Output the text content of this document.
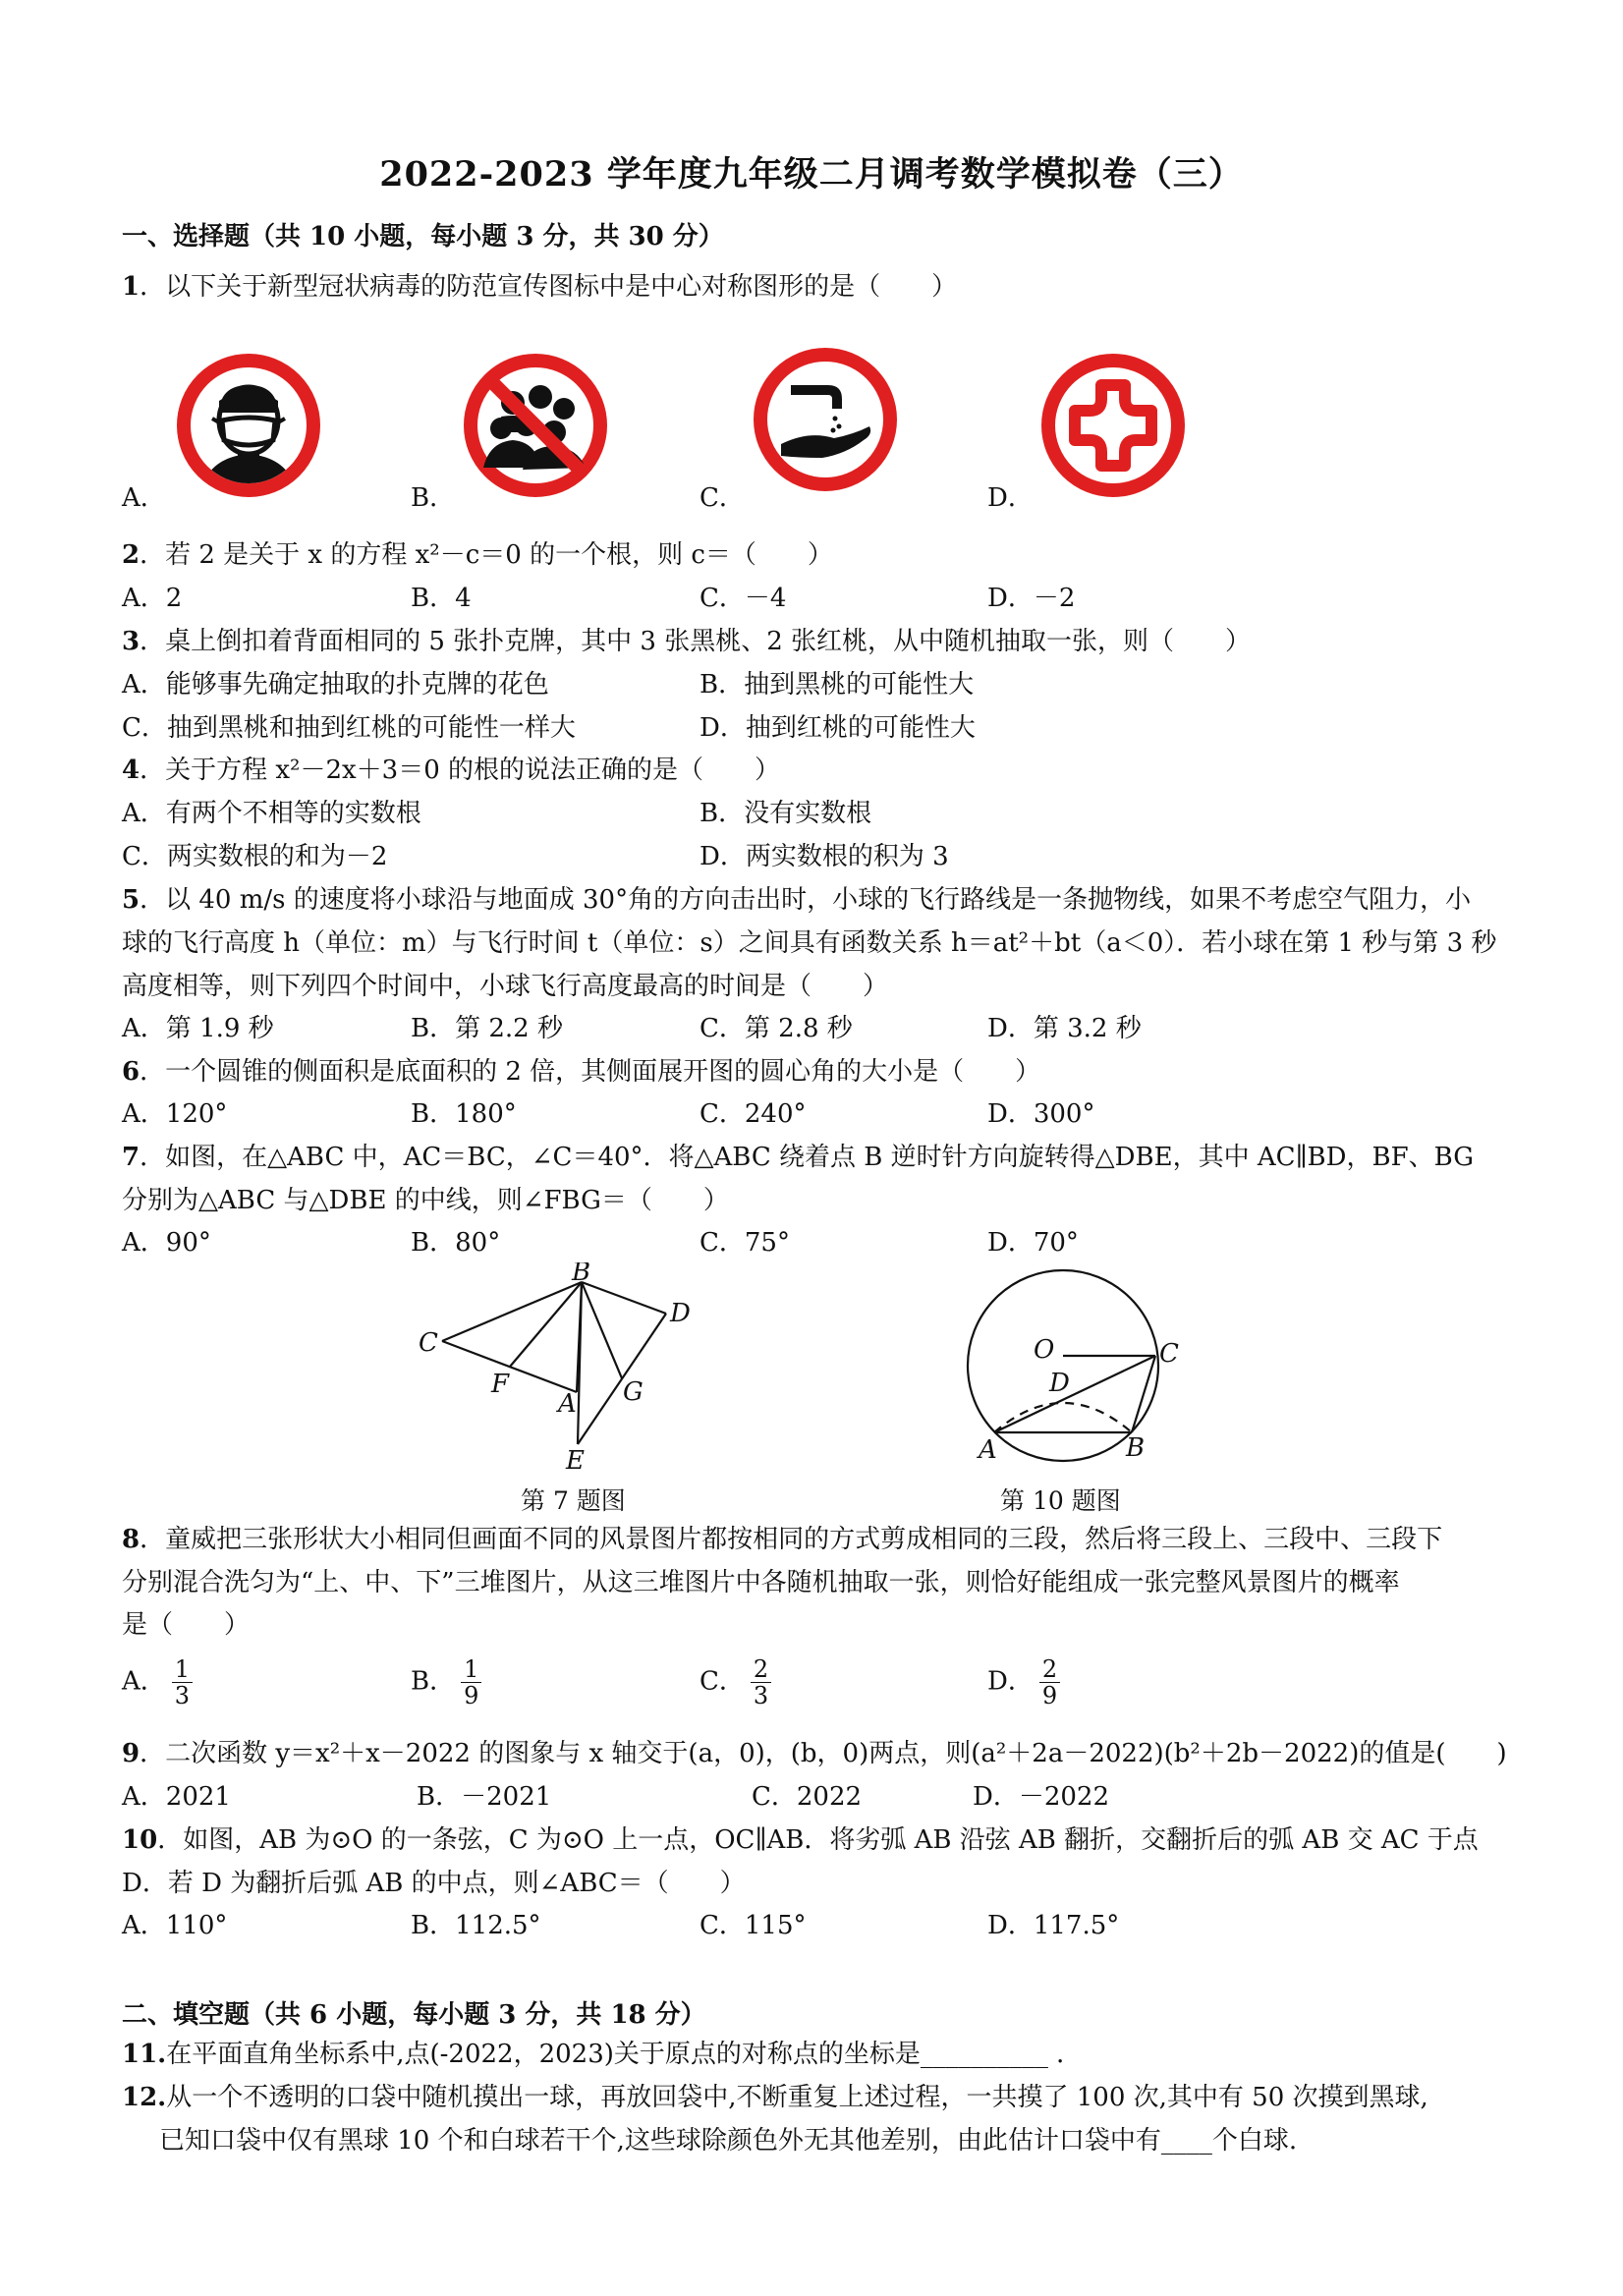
2022-2023 学年度九年级二月调考数学模拟卷（三）
一、选择题（共 10 小题，每小题 3 分，共 30 分）
1．以下关于新型冠状病毒的防范宣传图标中是中心对称图形的是（　　）
A．	B．	C．	D．
2．若 2 是关于 x 的方程 x²－c＝0 的一个根，则 c＝（　　）
A．2	B．4	C．－4	D．－2
3．桌上倒扣着背面相同的 5 张扑克牌，其中 3 张黑桃、2 张红桃，从中随机抽取一张，则（　　）
A．能够事先确定抽取的扑克牌的花色	B．抽到黑桃的可能性大
C．抽到黑桃和抽到红桃的可能性一样大	D．抽到红桃的可能性大
4．关于方程 x²－2x＋3＝0 的根的说法正确的是（　　）
A．有两个不相等的实数根	B．没有实数根
C．两实数根的和为－2	D．两实数根的积为 3
5．以 40 m/s 的速度将小球沿与地面成 30°角的方向击出时，小球的飞行路线是一条抛物线，如果不考虑空气阻力，小
球的飞行高度 h（单位：m）与飞行时间 t（单位：s）之间具有函数关系 h＝at²＋bt（a＜0）．若小球在第 1 秒与第 3 秒
高度相等，则下列四个时间中，小球飞行高度最高的时间是（　　）
A．第 1.9 秒	B．第 2.2 秒	C．第 2.8 秒	D．第 3.2 秒
6．一个圆锥的侧面积是底面积的 2 倍，其侧面展开图的圆心角的大小是（　　）
A．120°	B．180°	C．240°	D．300°
7．如图，在△ABC 中，AC＝BC，∠C＝40°．将△ABC 绕着点 B 逆时针方向旋转得△DBE，其中 AC∥BD，BF、BG
分别为△ABC 与△DBE 的中线，则∠FBG＝（　　）
A．90°	B．80°	C．75°	D．70°
B
C
D
F
A G
E
第 7 题图
O	C
D
A	B
第 10 题图
8．童威把三张形状大小相同但画面不同的风景图片都按相同的方式剪成相同的三段，然后将三段上、三段中、三段下
分别混合洗匀为“上、中、下”三堆图片，从这三堆图片中各随机抽取一张，则恰好能组成一张完整风景图片的概率
是（　　）
A． $\frac{1}{3}$	B． $\frac{1}{9}$	C． $\frac{2}{3}$	D． $\frac{2}{9}$
9．二次函数 y＝x²＋x－2022 的图象与 x 轴交于(a，0)，(b，0)两点，则(a²＋2a－2022)(b²＋2b－2022)的值是(　　)
A．2021	B．－2021	C．2022	D．－2022
10．如图，AB 为⊙O 的一条弦，C 为⊙O 上一点，OC∥AB．将劣弧 AB 沿弦 AB 翻折，交翻折后的弧 AB 交 AC 于点
D．若 D 为翻折后弧 AB 的中点，则∠ABC＝（　　）
A．110°	B．112.5°	C．115°	D．117.5°
二、填空题（共 6 小题，每小题 3 分，共 18 分）
11.在平面直角坐标系中,点(-2022，2023)关于原点的对称点的坐标是__________ ．
12.从一个不透明的口袋中随机摸出一球，再放回袋中,不断重复上述过程，一共摸了 100 次,其中有 50 次摸到黑球,
已知口袋中仅有黑球 10 个和白球若干个,这些球除颜色外无其他差别，由此估计口袋中有____个白球.
